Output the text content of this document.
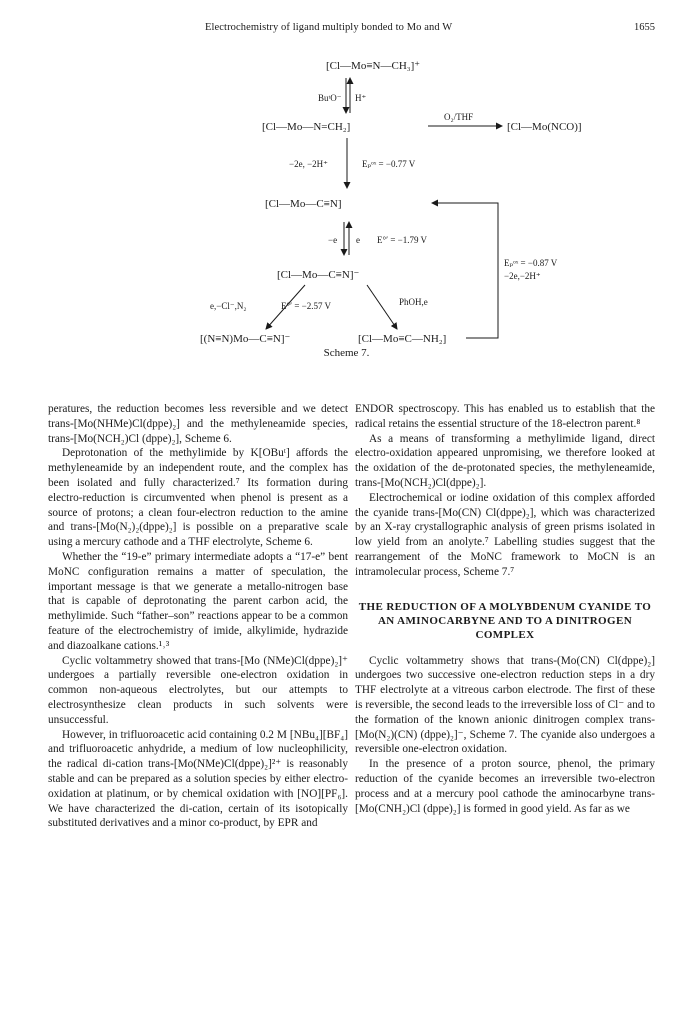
Electrochemistry of ligand multiply bonded to Mo and W	1655
[Cl—Mo≡N—CH₃]⁺
BuᵗO⁻ H⁺
[Cl—Mo—N=CH₂]
O₂/THF
[Cl—Mo(NCO)]
−2e, −2H⁺	Eₚᵒˣ = −0.77 V
[Cl—Mo—C≡N]
−e e E°′ = −1.79 V
Eₚᵒˣ = −0.87 V
−2e,−2H⁺
[Cl—Mo—C≡N]⁻
e,−Cl⁻,N₂	E°′ = −2.57 V	PhOH,e
[(N≡N)Mo—C≡N]⁻	[Cl—Mo≡C—NH₂]
Scheme 7.

peratures, the reduction becomes less reversible and we detect trans-[Mo(NHMe)Cl(dppe)₂] and the methyleneamide species, trans-[Mo(NCH₂)Cl (dppe)₂], Scheme 6.

Deprotonation of the methylimide by K[OBuᵗ] affords the methyleneamide by an independent route, and the complex has been isolated and fully characterized.⁷ Its formation during electro-reduction is circumvented when phenol is present as a source of protons; a clean four-electron reduction to the amine and trans-[Mo(N₂)₂(dppe)₂] is possible on a preparative scale using a mercury cathode and a THF electrolyte, Scheme 6.

Whether the “19-e” primary intermediate adopts a “17-e” bent MoNC configuration remains a matter of speculation, the important message is that we generate a metallo-nitrogen base that is capable of deprotonating the parent carbon acid, the methylimide. Such “father–son” reactions appear to be a common feature of the electrochemistry of imide, alkylimide, hydrazide and diazoalkane cations.¹˒³

Cyclic voltammetry showed that trans-[Mo (NMe)Cl(dppe)₂]⁺ undergoes a partially reversible one-electron oxidation in common non-aqueous electrolytes, but our attempts to electrosynthesize clean products in such solvents were unsuccessful.

However, in trifluoroacetic acid containing 0.2 M [NBu₄][BF₄] and trifluoroacetic anhydride, a medium of low nucleophilicity, the radical di-cation trans-[Mo(NMe)Cl(dppe)₂]²⁺ is reasonably stable and can be prepared as a solution species by either electro-oxidation at platinum, or by chemical oxidation with [NO][PF₆]. We have characterized the di-cation, certain of its isotopically substituted derivatives and a minor co-product, by EPR and

ENDOR spectroscopy. This has enabled us to establish that the radical retains the essential structure of the 18-electron parent.⁸

As a means of transforming a methylimide ligand, direct electro-oxidation appeared unpromising, we therefore looked at the oxidation of the de-protonated species, the methyleneamide, trans-[Mo(NCH₂)Cl(dppe)₂].

Electrochemical or iodine oxidation of this complex afforded the cyanide trans-[Mo(CN) Cl(dppe)₂], which was characterized by an X-ray crystallographic analysis of green prisms isolated in low yield from an anolyte.⁷ Labelling studies suggest that the rearrangement of the MoNC framework to MoCN is an intramolecular process, Scheme 7.⁷

THE REDUCTION OF A MOLYBDENUM CYANIDE TO AN AMINOCARBYNE AND TO A DINITROGEN COMPLEX

Cyclic voltammetry shows that trans-(Mo(CN) Cl(dppe)₂] undergoes two successive one-electron reduction steps in a dry THF electrolyte at a vitreous carbon electrode. The first of these is reversible, the second leads to the irreversible loss of Cl⁻ and to the formation of the known anionic dinitrogen complex trans-[Mo(N₂)(CN) (dppe)₂]⁻, Scheme 7. The cyanide also undergoes a reversible one-electron oxidation.

In the presence of a proton source, phenol, the primary reduction of the cyanide becomes an irreversible two-electron process and at a mercury pool cathode the aminocarbyne trans-[Mo(CNH₂)Cl (dppe)₂] is formed in good yield. As far as we
